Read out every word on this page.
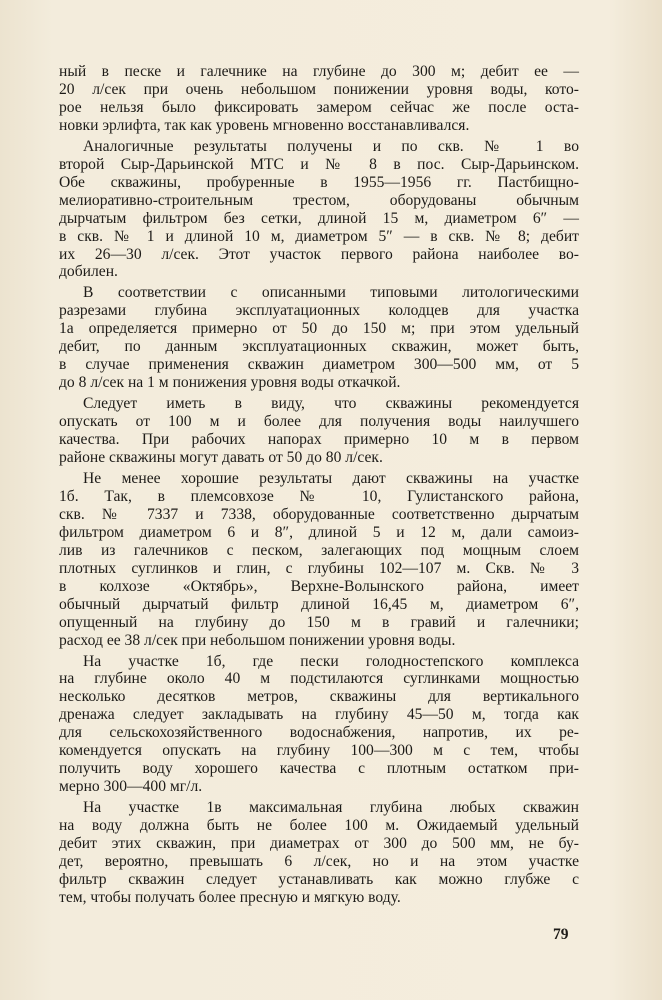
ный в песке и галечнике на глубине до 300 м; дебит ее —
20 л/сек при очень небольшом понижении уровня воды, кото-
рое нельзя было фиксировать замером сейчас же после оста-
новки эрлифта, так как уровень мгновенно восстанавливался.
Аналогичные результаты получены и по скв. № 1 во
второй Сыр-Дарьинской МТС и № 8 в пос. Сыр-Дарьинском.
Обе скважины, пробуренные в 1955—1956 гг. Пастбищно-
мелиоративно-строительным трестом, оборудованы обычным
дырчатым фильтром без сетки, длиной 15 м, диаметром 6″ —
в скв. № 1 и длиной 10 м, диаметром 5″ — в скв. № 8; дебит
их 26—30 л/сек. Этот участок первого района наиболее во-
добилен.
В соответствии с описанными типовыми литологическими
разрезами глубина эксплуатационных колодцев для участка
1а определяется примерно от 50 до 150 м; при этом удельный
дебит, по данным эксплуатационных скважин, может быть,
в случае применения скважин диаметром 300—500 мм, от 5
до 8 л/сек на 1 м понижения уровня воды откачкой.
Следует иметь в виду, что скважины рекомендуется
опускать от 100 м и более для получения воды наилучшего
качества. При рабочих напорах примерно 10 м в первом
районе скважины могут давать от 50 до 80 л/сек.
Не менее хорошие результаты дают скважины на участке
1б. Так, в племсовхозе № 10, Гулистанского района,
скв. № 7337 и 7338, оборудованные соответственно дырчатым
фильтром диаметром 6 и 8″, длиной 5 и 12 м, дали самоиз-
лив из галечников с песком, залегающих под мощным слоем
плотных суглинков и глин, с глубины 102—107 м. Скв. № 3
в колхозе «Октябрь», Верхне-Волынского района, имеет
обычный дырчатый фильтр длиной 16,45 м, диаметром 6″,
опущенный на глубину до 150 м в гравий и галечники;
расход ее 38 л/сек при небольшом понижении уровня воды.
На участке 1б, где пески голодностепского комплекса
на глубине около 40 м подстилаются суглинками мощностью
несколько десятков метров, скважины для вертикального
дренажа следует закладывать на глубину 45—50 м, тогда как
для сельскохозяйственного водоснабжения, напротив, их ре-
комендуется опускать на глубину 100—300 м с тем, чтобы
получить воду хорошего качества с плотным остатком при-
мерно 300—400 мг/л.
На участке 1в максимальная глубина любых скважин
на воду должна быть не более 100 м. Ожидаемый удельный
дебит этих скважин, при диаметрах от 300 до 500 мм, не бу-
дет, вероятно, превышать 6 л/сек, но и на этом участке
фильтр скважин следует устанавливать как можно глубже с
тем, чтобы получать более пресную и мягкую воду.
79
